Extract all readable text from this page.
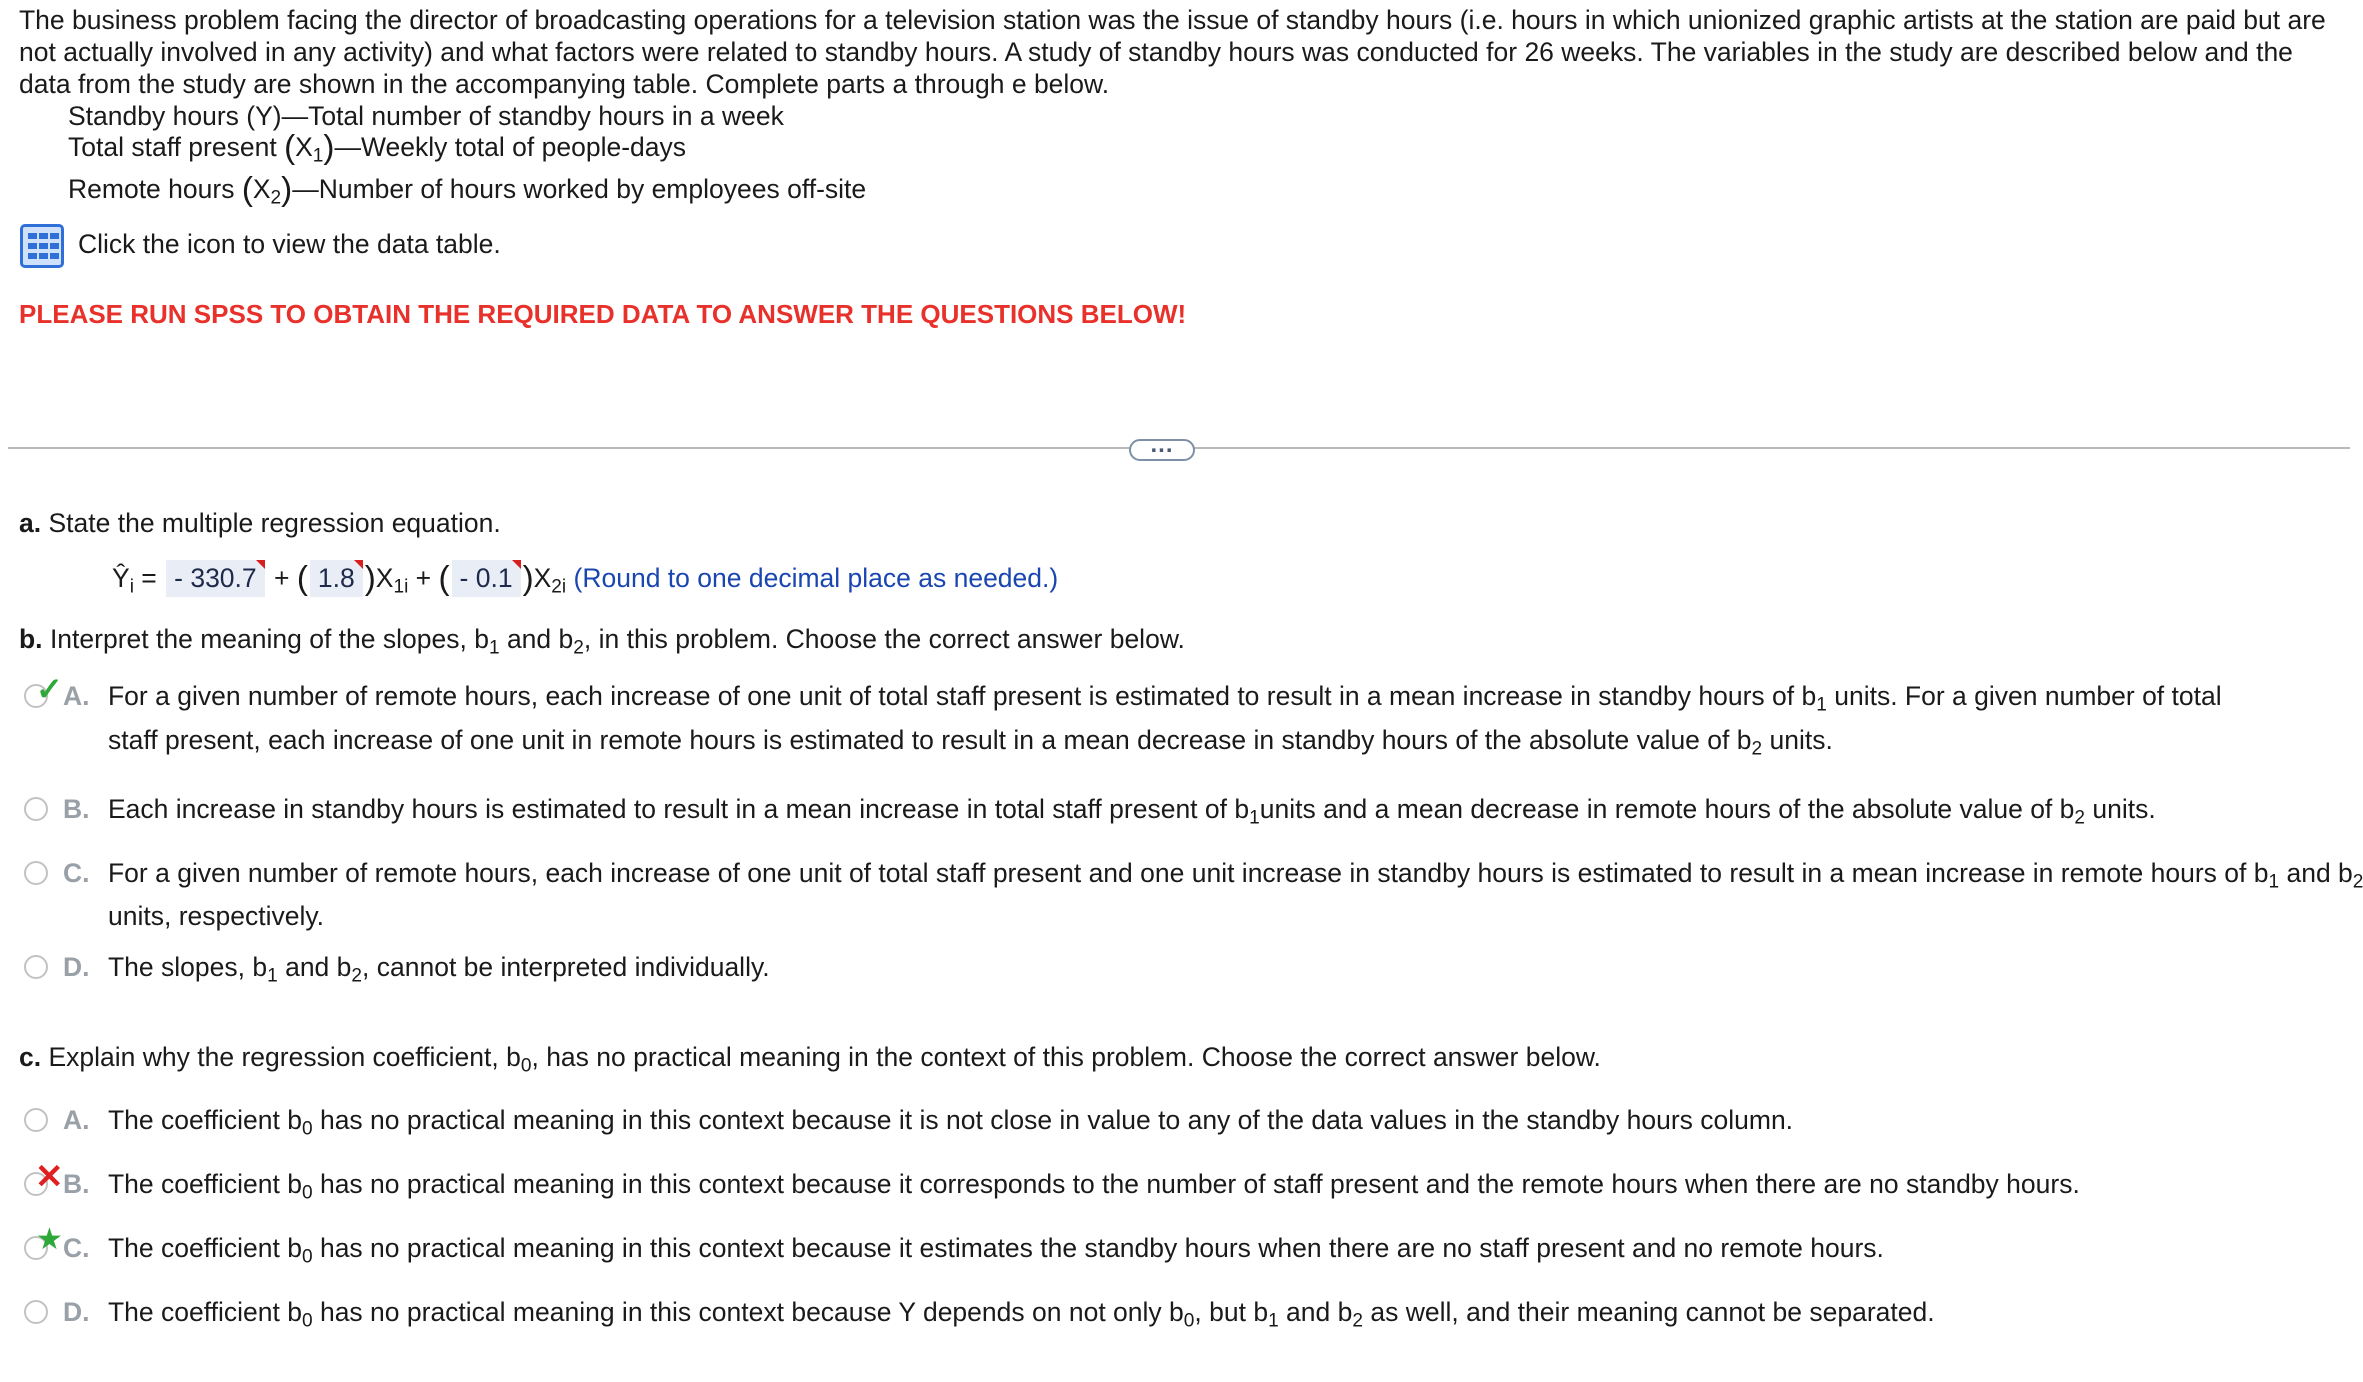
The business problem facing the director of broadcasting operations for a television station was the issue of standby hours (i.e. hours in which unionized graphic artists at the station are paid but are not actually involved in any activity) and what factors were related to standby hours. A study of standby hours was conducted for 26 weeks. The variables in the study are described below and the data from the study are shown in the accompanying table. Complete parts a through e below.
Standby hours (Y)—Total number of standby hours in a week
Total staff present $(X_1)—Weekly$ total of people-days
Remote hours $(X_2)—Number$ of hours worked by employees off-site
Click the icon to view the data table.
PLEASE RUN SPSS TO OBTAIN THE REQUIRED DATA TO ANSWER THE QUESTIONS BELOW!
...
a. State the multiple regression equation.
$Ŷ_i$ = - 330.7 + ( 1.8 )$X_{1i}$ + ( - 0.1 )$X_{2i}$ (Round to one decimal place as needed.)
b. Interpret the meaning of the slopes, $b_1$ and $b_2$, in this problem. Choose the correct answer below.
✓ A. For a given number of remote hours, each increase of one unit of total staff present is estimated to result in a mean increase in standby hours of $b_1$ units. For a given number of total
staff present, each increase of one unit in remote hours is estimated to result in a mean decrease in standby hours of the absolute value of $b_2$ units.
B. Each increase in standby hours is estimated to result in a mean increase in total staff present of $b_1units$ and a mean decrease in remote hours of the absolute value of $b_2$ units.
C. For a given number of remote hours, each increase of one unit of total staff present and one unit increase in standby hours is estimated to result in a mean increase in remote hours of $b_1$ and $b_2$
units, respectively.
D. The slopes, $b_1$ and $b_2$, cannot be interpreted individually.
c. Explain why the regression coefficient, $b_0$, has no practical meaning in the context of this problem. Choose the correct answer below.
A. The coefficient $b_0$ has no practical meaning in this context because it is not close in value to any of the data values in the standby hours column.
✕ B. The coefficient $b_0$ has no practical meaning in this context because it corresponds to the number of staff present and the remote hours when there are no standby hours.
★ C. The coefficient $b_0$ has no practical meaning in this context because it estimates the standby hours when there are no staff present and no remote hours.
D. The coefficient $b_0$ has no practical meaning in this context because Y depends on not only $b_0$, but $b_1$ and $b_2$ as well, and their meaning cannot be separated.
